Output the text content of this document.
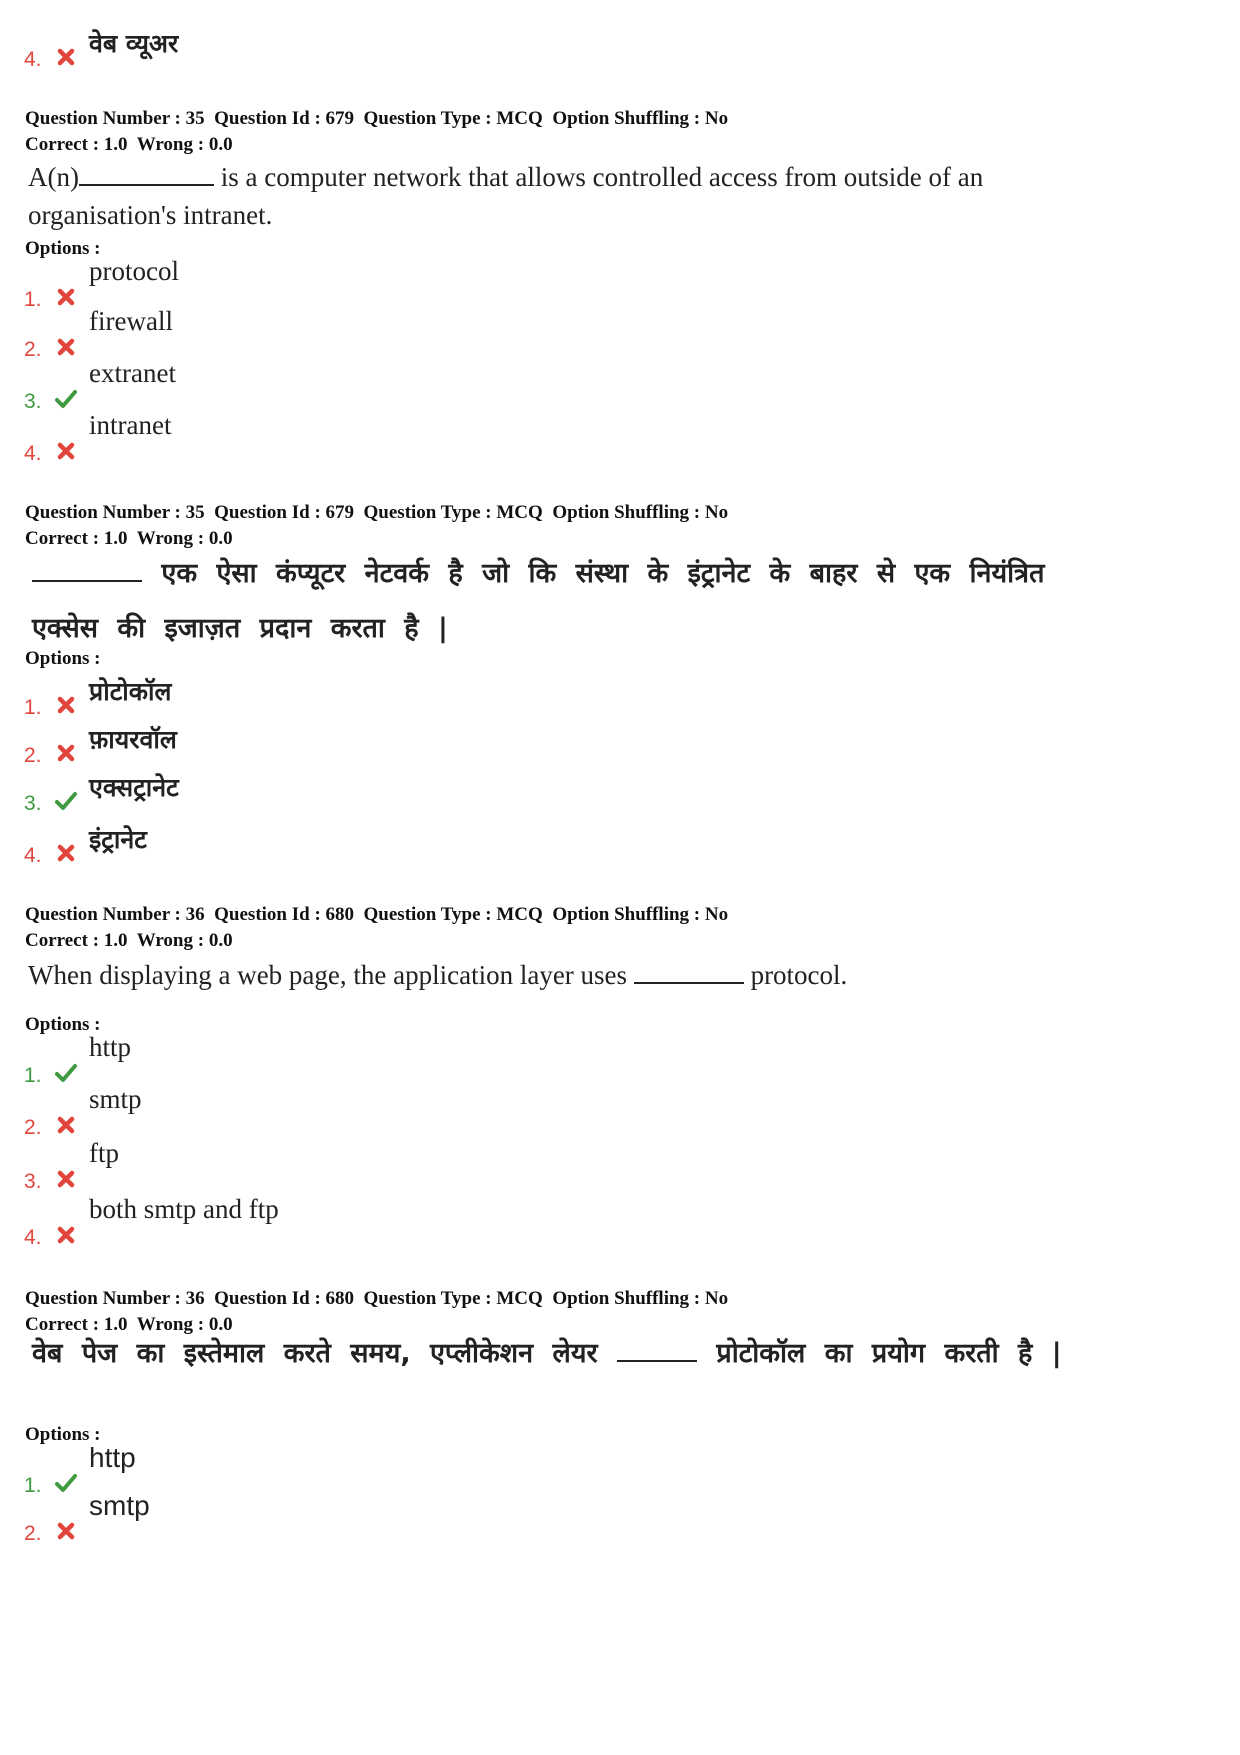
4.
वेब व्यूअर
Question Number : 35 Question Id : 679 Question Type : MCQ Option Shuffling : No
Correct : 1.0 Wrong : 0.0
A(n)	is a computer network that allows controlled access from outside of an organisation's intranet.
Options :
1.
protocol
2.
firewall
3.
extranet
4.
intranet
Question Number : 35 Question Id : 679 Question Type : MCQ Option Shuffling : No
Correct : 1.0 Wrong : 0.0
एक ऐसा कंप्यूटर नेटवर्क है जो कि संस्था के इंट्रानेट के बाहर से एक नियंत्रित एक्सेस की इजाज़त प्रदान करता है |
Options :
1.
प्रोटोकॉल
2.
फ़ायरवॉल
3.
एक्सट्रानेट
4.
इंट्रानेट
Question Number : 36 Question Id : 680 Question Type : MCQ Option Shuffling : No
Correct : 1.0 Wrong : 0.0
When displaying a web page, the application layer uses	protocol.
Options :
1.
http
2.
smtp
3.
ftp
4.
both smtp and ftp
Question Number : 36 Question Id : 680 Question Type : MCQ Option Shuffling : No
Correct : 1.0 Wrong : 0.0
वेब पेज का इस्तेमाल करते समय, एप्लीकेशन लेयर	प्रोटोकॉल का प्रयोग करती है |
Options :
1.
http
2.
smtp
